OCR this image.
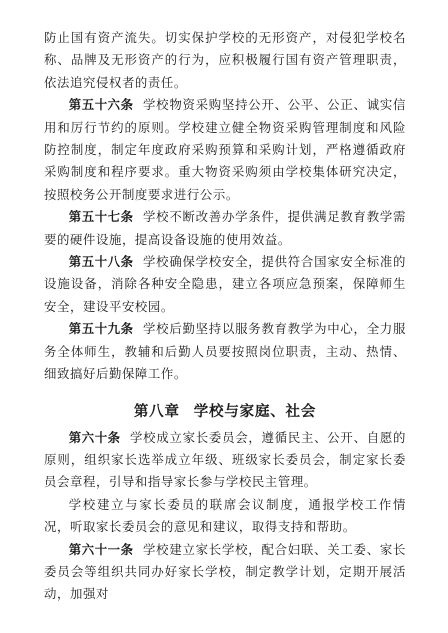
防止国有资产流失。切实保护学校的无形资产，对侵犯学校名称、品牌及无形资产的行为，应积极履行国有资产管理职责，依法追究侵权者的责任。

第五十六条 学校物资采购坚持公开、公平、公正、诚实信用和厉行节约的原则。学校建立健全物资采购管理制度和风险防控制度，制定年度政府采购预算和采购计划，严格遵循政府采购制度和程序要求。重大物资采购须由学校集体研究决定，按照校务公开制度要求进行公示。

第五十七条 学校不断改善办学条件，提供满足教育教学需要的硬件设施，提高设备设施的使用效益。

第五十八条 学校确保学校安全，提供符合国家安全标准的设施设备，消除各种安全隐患，建立各项应急预案，保障师生安全，建设平安校园。

第五十九条 学校后勤坚持以服务教育教学为中心，全力服务全体师生，教辅和后勤人员要按照岗位职责，主动、热情、细致搞好后勤保障工作。

第八章 学校与家庭、社会

第六十条 学校成立家长委员会，遵循民主、公开、自愿的原则，组织家长选举成立年级、班级家长委员会，制定家长委员会章程，引导和指导家长参与学校民主管理。

学校建立与家长委员的联席会议制度，通报学校工作情况，听取家长委员会的意见和建议，取得支持和帮助。

第六十一条 学校建立家长学校，配合妇联、关工委、家长委员会等组织共同办好家长学校，制定教学计划，定期开展活动，加强对
